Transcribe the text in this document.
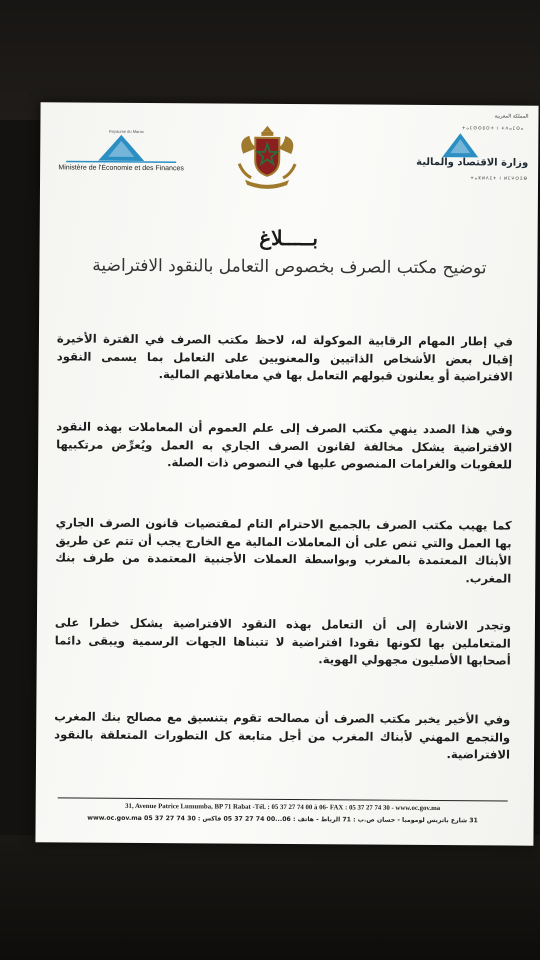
Royaume du Maroc
Ministère de l'Économie et des Finances
المملكة المغربية
ⵜⴰⵎⵙⵙⵓⵔⵜ ⵏ ⵜⴷⴰⵎⵙⴰ
وزارة الاقتصاد والمالية
ⵜⴰⴳⵍⴷⵉⵜ ⵏ ⵍⵎⵖⵔⵉⴱ
بـــــلاغ
توضيح مكتب الصرف بخصوص التعامل بالنقود الافتراضية
في إطار المهام الرقابية الموكولة له، لاحظ مكتب الصرف في الفترة الأخيرة إقبال بعض الأشخاص الذاتيين والمعنويين على التعامل بما يسمى النقود الافتراضية أو يعلنون قبولهم التعامل بها في معاملاتهم المالية.
وفي هذا الصدد ينهي مكتب الصرف إلى علم العموم أن المعاملات بهذه النقود الافتراضية يشكل مخالفة لقانون الصرف الجاري به العمل ويُعرِّض مرتكبيها للعقوبات والغرامات المنصوص عليها في النصوص ذات الصلة.
كما يهيب مكتب الصرف بالجميع الاحترام التام لمقتضيات قانون الصرف الجاري بها العمل والتي تنص على أن المعاملات المالية مع الخارج يجب أن تتم عن طريق الأبناك المعتمدة بالمغرب وبواسطة العملات الأجنبية المعتمدة من طرف بنك المغرب.
وتجدر الاشارة إلى أن التعامل بهذه النقود الافتراضية يشكل خطرا على المتعاملين بها لكونها نقودا افتراضية لا تتبناها الجهات الرسمية ويبقى دائما أصحابها الأصليون مجهولي الهوية.
وفي الأخير يخبر مكتب الصرف أن مصالحه تقوم بتنسيق مع مصالح بنك المغرب والتجمع المهني لأبناك المغرب من أجل متابعة كل التطورات المتعلقة بالنقود الافتراضية.
31, Avenue Patrice Lumumba, BP 71 Rabat -Tél. : 05 37 27 74 00 à 06- FAX : 05 37 27 74 30 - www.oc.gov.ma
31 شارع باتريس لومومبا - حسان ص.ب : 71 الرباط - هاتف : 06...00 74 27 37 05 فاكس : 30 74 27 37 05 www.oc.gov.ma
